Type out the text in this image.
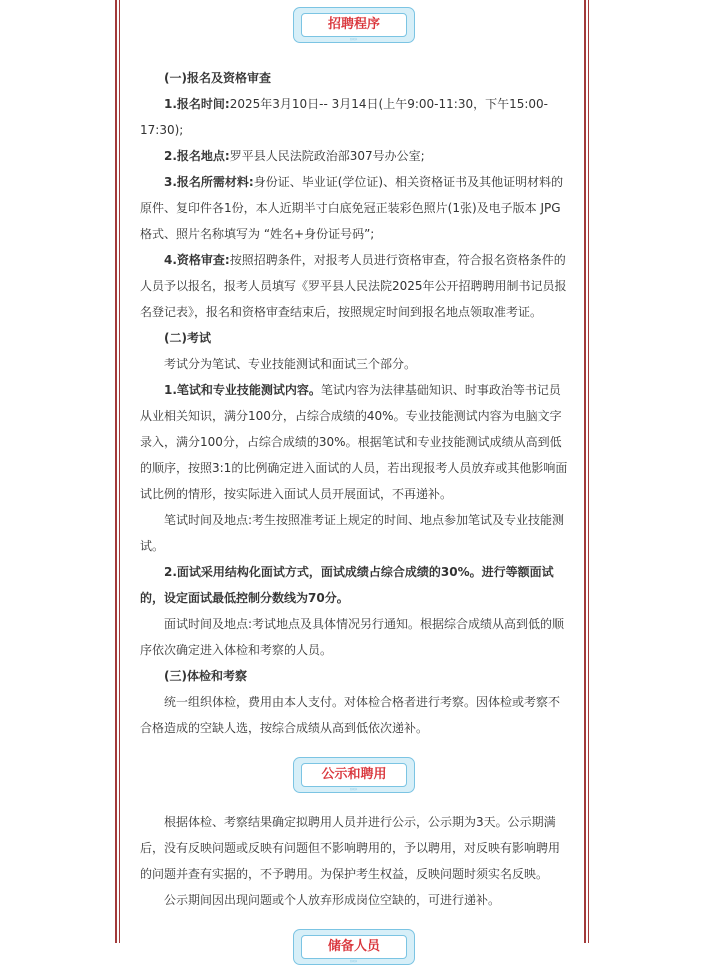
招聘程序
›››››

(一)报名及资格审查

1.报名时间:2025年3月10日-- 3月14日(上午9:00-11:30，下午15:00-17:30);

2.报名地点:罗平县人民法院政治部307号办公室;

3.报名所需材料:身份证、毕业证(学位证)、相关资格证书及其他证明材料的原件、复印件各1份，本人近期半寸白底免冠正装彩色照片(1张)及电子版本 JPG格式、照片名称填写为 “姓名+身份证号码”;

4.资格审查:按照招聘条件，对报考人员进行资格审查，符合报名资格条件的人员予以报名，报考人员填写《罗平县人民法院2025年公开招聘聘用制书记员报名登记表》，报名和资格审查结束后，按照规定时间到报名地点领取准考证。

(二)考试

考试分为笔试、专业技能测试和面试三个部分。

1.笔试和专业技能测试内容。笔试内容为法律基础知识、时事政治等书记员从业相关知识，满分100分，占综合成绩的40%。专业技能测试内容为电脑文字录入，满分100分，占综合成绩的30%。根据笔试和专业技能测试成绩从高到低的顺序，按照3:1的比例确定进入面试的人员，若出现报考人员放弃或其他影响面试比例的情形，按实际进入面试人员开展面试，不再递补。

笔试时间及地点:考生按照准考证上规定的时间、地点参加笔试及专业技能测试。

2.面试采用结构化面试方式，面试成绩占综合成绩的30%。进行等额面试的，设定面试最低控制分数线为70分。

面试时间及地点:考试地点及具体情况另行通知。根据综合成绩从高到低的顺序依次确定进入体检和考察的人员。

(三)体检和考察

统一组织体检，费用由本人支付。对体检合格者进行考察。因体检或考察不合格造成的空缺人选，按综合成绩从高到低依次递补。

公示和聘用
›››››

根据体检、考察结果确定拟聘用人员并进行公示，公示期为3天。公示期满后，没有反映问题或反映有问题但不影响聘用的，予以聘用，对反映有影响聘用的问题并查有实据的，不予聘用。为保护考生权益，反映问题时须实名反映。

公示期间因出现问题或个人放弃形成岗位空缺的，可进行递补。

储备人员
›››››
